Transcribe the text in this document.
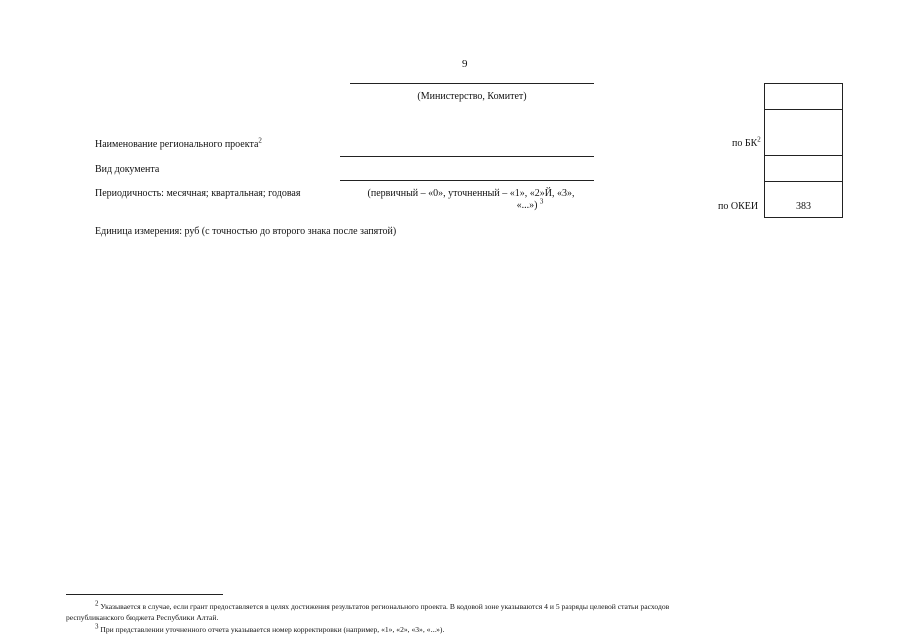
9
(Министерство, Комитет)
Наименование регионального проекта$^2$
Вид документа
Периодичность: месячная; квартальная; годовая	(первичный – «0», уточненный – «1», «2»Й, «3»,
«...») $^3$
Единица измерения: руб (с точностью до второго знака после запятой)
по $БК^2$
по ОКЕИ	383
$^2$ Указывается в случае, если грант предоставляется в целях достижения результатов регионального проекта. В кодовой зоне указываются 4 и 5 разряды целевой статьи расходов
республиканского бюджета Республики Алтай.
$^3$ При представлении уточненного отчета указывается номер корректировки (например, «1», «2», «3», «...»).
